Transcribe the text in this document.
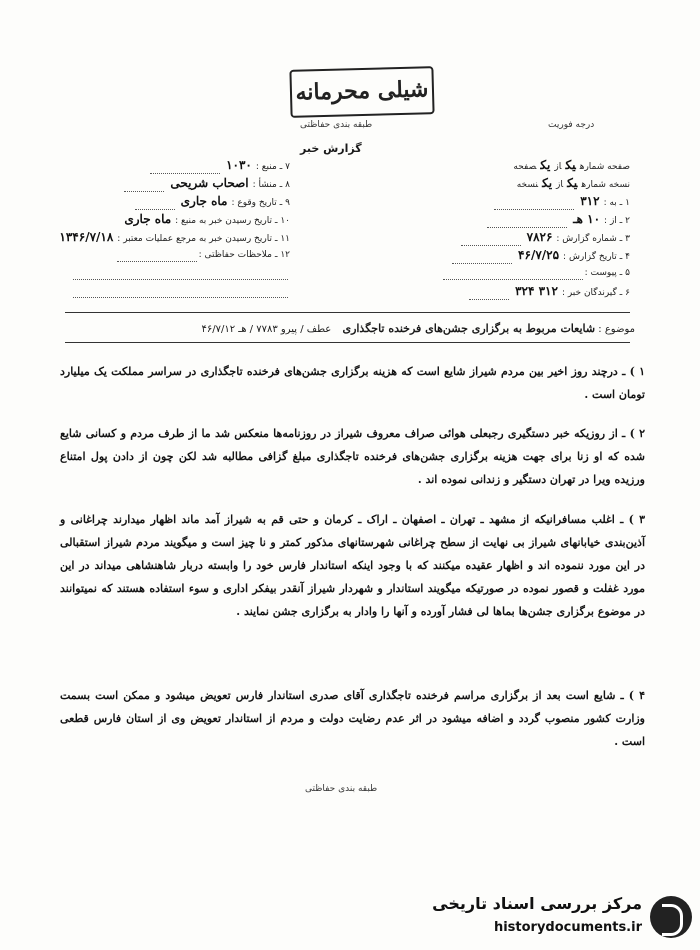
شیلی محرمانه
طبقه بندی حفاظتی	درجه فوریت
گزارش خبر
۷ ـ منبع :۱۰۳۰
۸ ـ منشأ :اصحاب شریحی
۹ ـ تاریخ وقوع :ماه جاری
۱۰ ـ تاریخ رسیدن خبر به منبع :ماه جاری
۱۱ ـ تاریخ رسیدن خبر به مرجع عملیات معتبر :۱۳۴۶/۷/۱۸
۱۲ ـ ملاحظات حفاظتی :
صفحه شمارهیکازیکصفحه
نسخه شمارهیکازیکنسخه
۱ ـ به :۳۱۲
۲ ـ از :۱۰ هـ
۳ ـ شماره گزارش :۷۸۲۶
۴ ـ تاریخ گزارش :۴۶/۷/۲۵
۵ ـ پیوست :
۶ ـ گیرندگان خبر :۳۱۲ ۳۲۴
موضوع : شایعات مربوط به برگزاری جشن‌های فرخنده تاجگذاری عطف / پیرو ۷۷۸۳ / هـ ۴۶/۷/۱۲
۱ ) ـ درچند روز اخیر بین مردم شیراز شایع است که هزینه برگزاری جشن‌های فرخنده تاجگذاری در سراسر مملکت یک میلیارد تومان است .
۲ ) ـ از روزیکه خبر دستگیری رجبعلی هوائی صراف معروف شیراز در روزنامه‌ها منعکس شد ما از طرف مردم و کسانی شایع شده که او زنا برای جهت هزینه برگزاری جشن‌های فرخنده تاجگذاری مبلغ گزافی مطالبه شد لکن چون از دادن پول امتناع ورزیده ویرا در تهران دستگیر و زندانی نموده اند .
۳ ) ـ اغلب مسافرانیکه از مشهد ـ تهران ـ اصفهان ـ اراک ـ کرمان و حتی قم به شیراز آمد ماند اظهار میدارند چراغانی و آذین‌بندی خیابانهای شیراز بی نهایت از سطح چراغانی شهرستانهای مذکور کمتر و نا چیز است و میگویند مردم شیراز استقبالی در این مورد ننموده اند و اظهار عقیده میکنند که با وجود اینکه استاندار فارس خود را وابسته دربار شاهنشاهی میداند در این مورد غفلت و قصور نموده در صورتیکه میگویند استاندار و شهردار شیراز آنقدر بیفکر اداری و سوء استفاده هستند که نمیتوانند در موضوع برگزاری جشن‌ها بماها لی فشار آورده و آنها را وادار به برگزاری جشن نمایند .
۴ ) ـ شایع است بعد از برگزاری مراسم فرخنده تاجگذاری آقای صدری استاندار فارس تعویض میشود و ممکن است بسمت وزارت کشور منصوب گردد و اضافه میشود در اثر عدم رضایت دولت و مردم از استاندار تعویض وی از استان فارس قطعی است .
طبقه بندی حفاظتی
مرکز بررسی اسناد تاریخی
historydocuments.ir
